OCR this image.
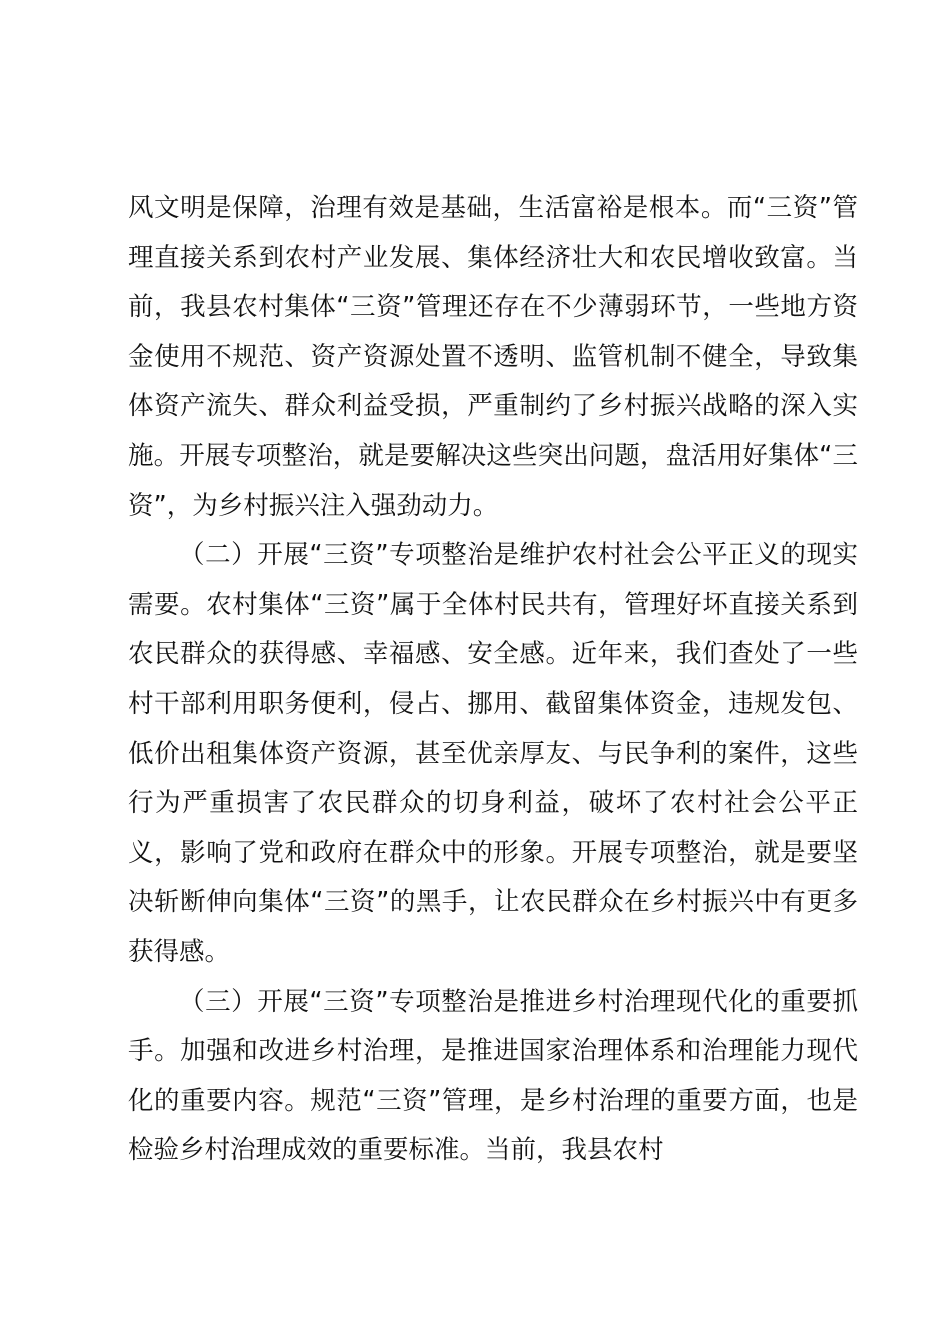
风文明是保障，治理有效是基础，生活富裕是根本。而“三资”管理直接关系到农村产业发展、集体经济壮大和农民增收致富。当前，我县农村集体“三资”管理还存在不少薄弱环节，一些地方资金使用不规范、资产资源处置不透明、监管机制不健全，导致集体资产流失、群众利益受损，严重制约了乡村振兴战略的深入实施。开展专项整治，就是要解决这些突出问题，盘活用好集体“三资”，为乡村振兴注入强劲动力。

（二）开展“三资”专项整治是维护农村社会公平正义的现实需要。农村集体“三资”属于全体村民共有，管理好坏直接关系到农民群众的获得感、幸福感、安全感。近年来，我们查处了一些村干部利用职务便利，侵占、挪用、截留集体资金，违规发包、低价出租集体资产资源，甚至优亲厚友、与民争利的案件，这些行为严重损害了农民群众的切身利益，破坏了农村社会公平正义，影响了党和政府在群众中的形象。开展专项整治，就是要坚决斩断伸向集体“三资”的黑手，让农民群众在乡村振兴中有更多获得感。

（三）开展“三资”专项整治是推进乡村治理现代化的重要抓手。加强和改进乡村治理，是推进国家治理体系和治理能力现代化的重要内容。规范“三资”管理，是乡村治理的重要方面，也是检验乡村治理成效的重要标准。当前，我县农村
